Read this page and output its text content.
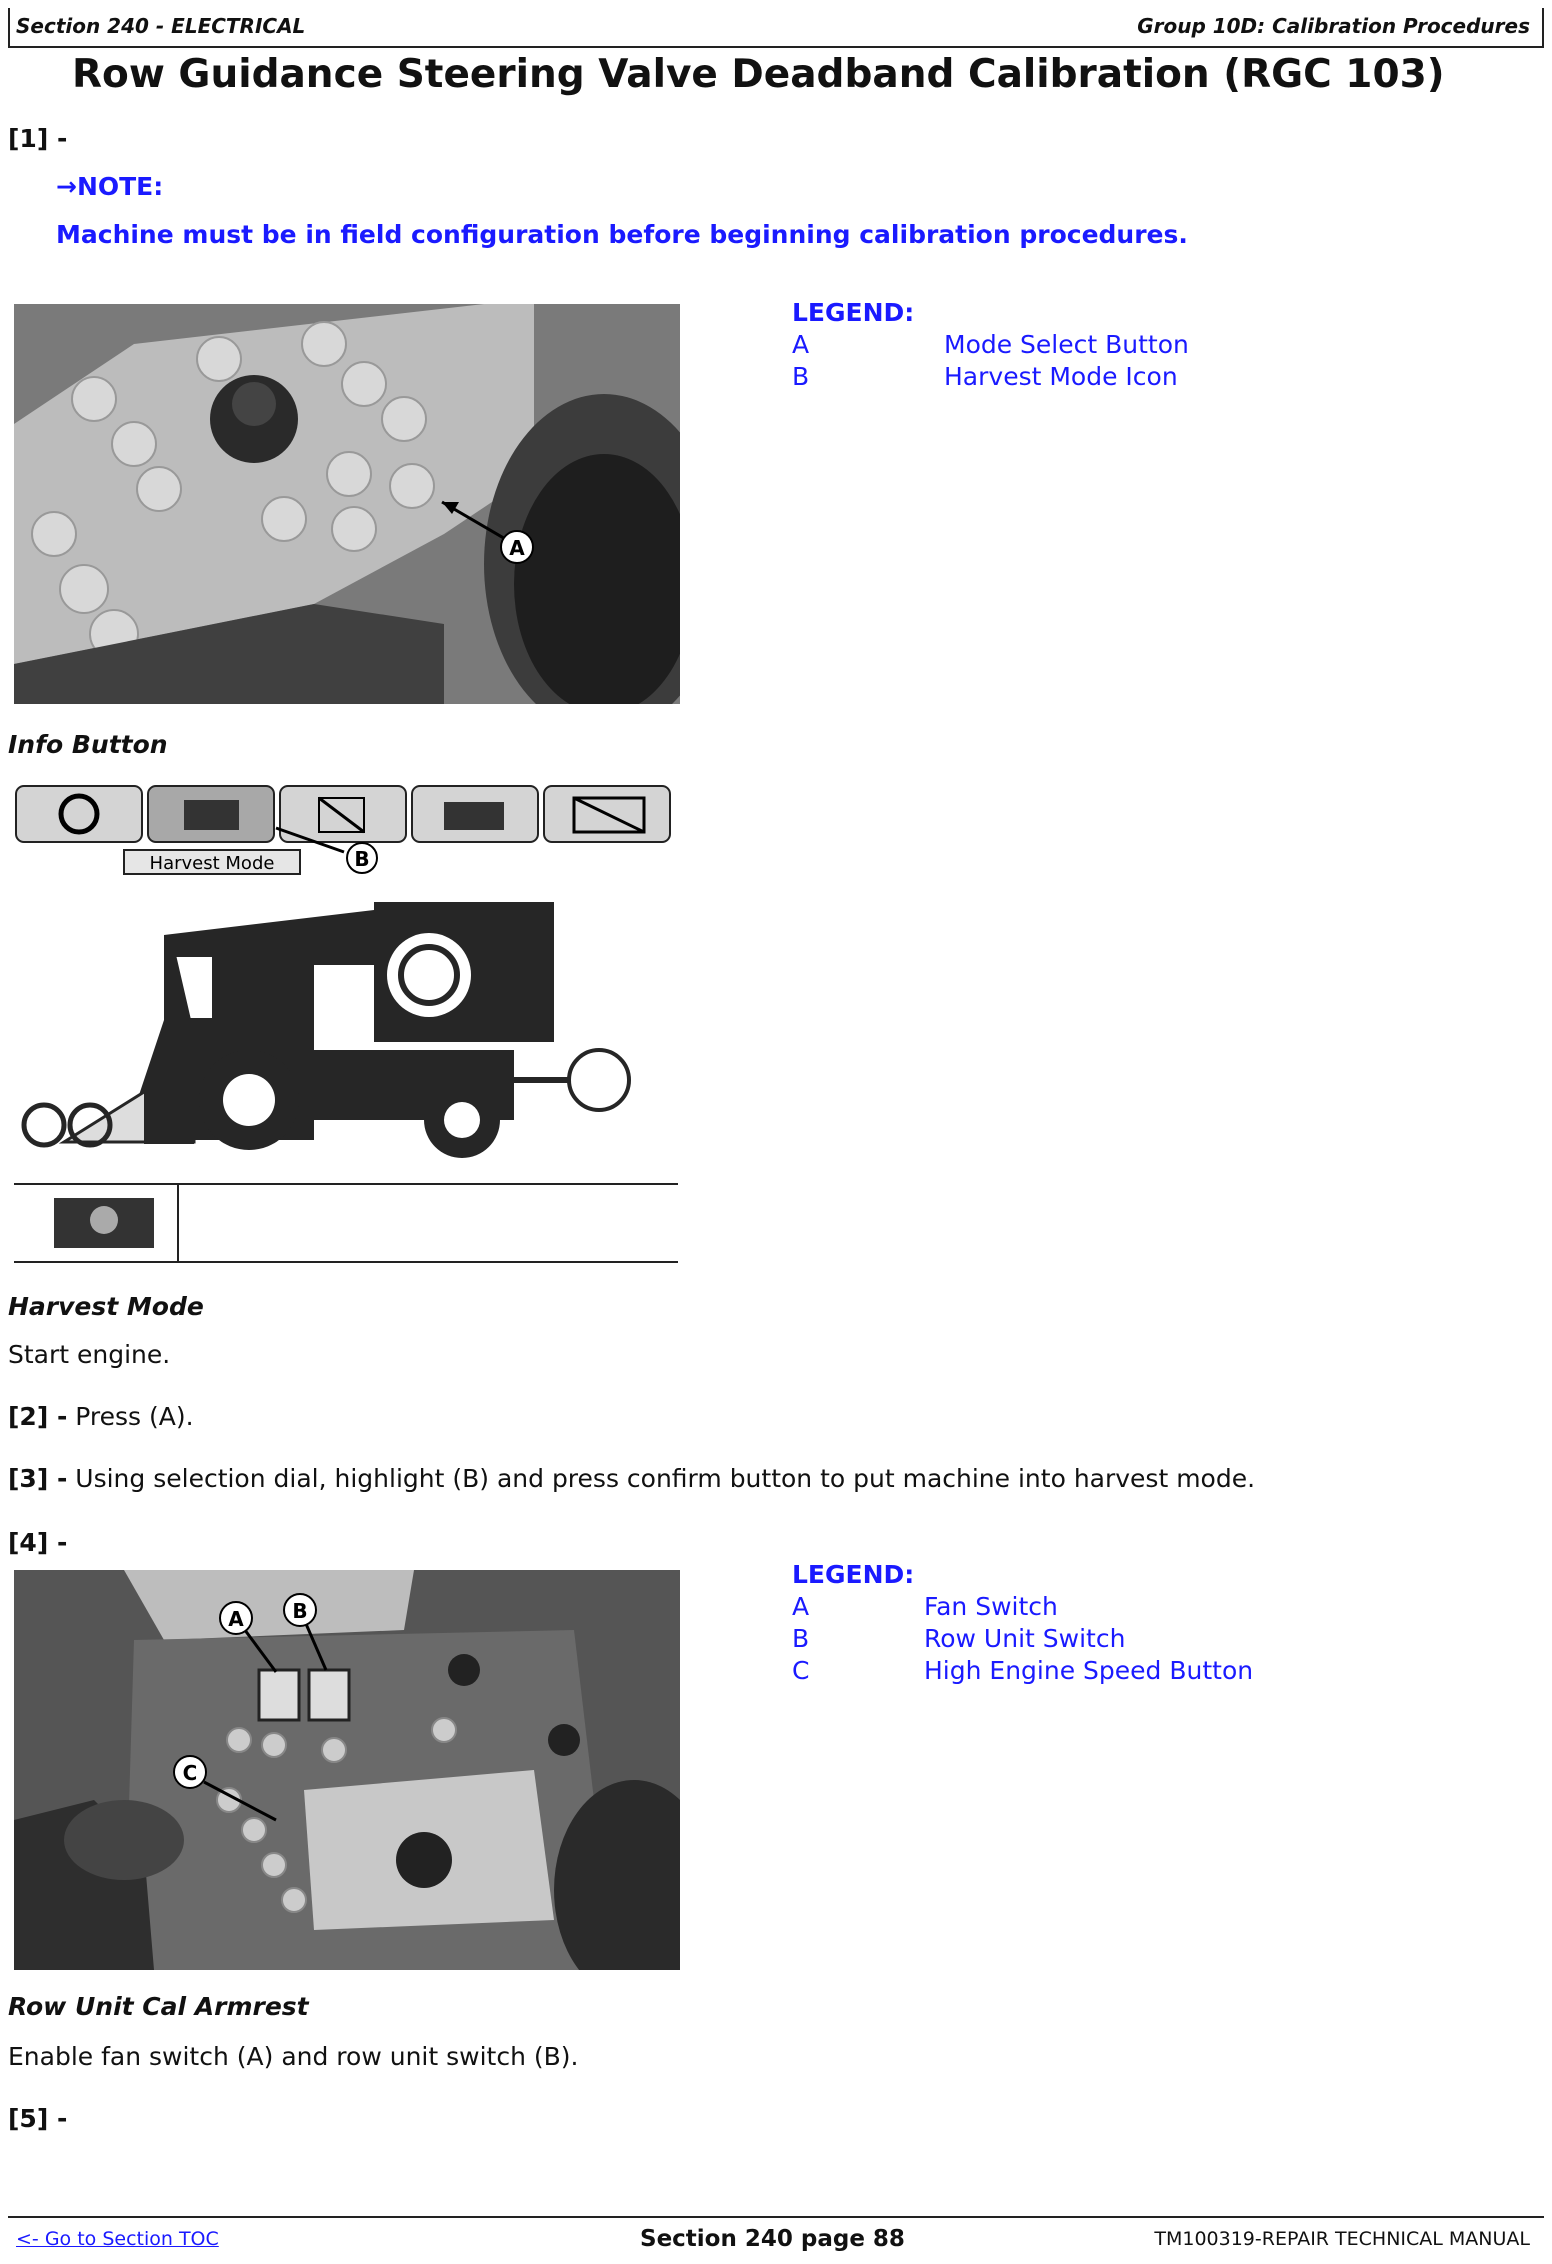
Section 240 - ELECTRICAL	Group 10D: Calibration Procedures
Row Guidance Steering Valve Deadband Calibration (RGC 103)
[1] -
→NOTE:
Machine must be in field configuration before beginning calibration procedures.
A
LEGEND:
A	Mode Select Button
B	Harvest Mode Icon
Info Button
Harvest Mode	B
Harvest Mode
Start engine.
[2] - Press (A).
[3] - Using selection dial, highlight (B) and press confirm button to put machine into harvest mode.
[4] -
A B
C
LEGEND:
A	Fan Switch
B	Row Unit Switch
C	High Engine Speed Button
Row Unit Cal Armrest
Enable fan switch (A) and row unit switch (B).
[5] -
<- Go to Section TOC	Section 240 page 88	TM100319-REPAIR TECHNICAL MANUAL
